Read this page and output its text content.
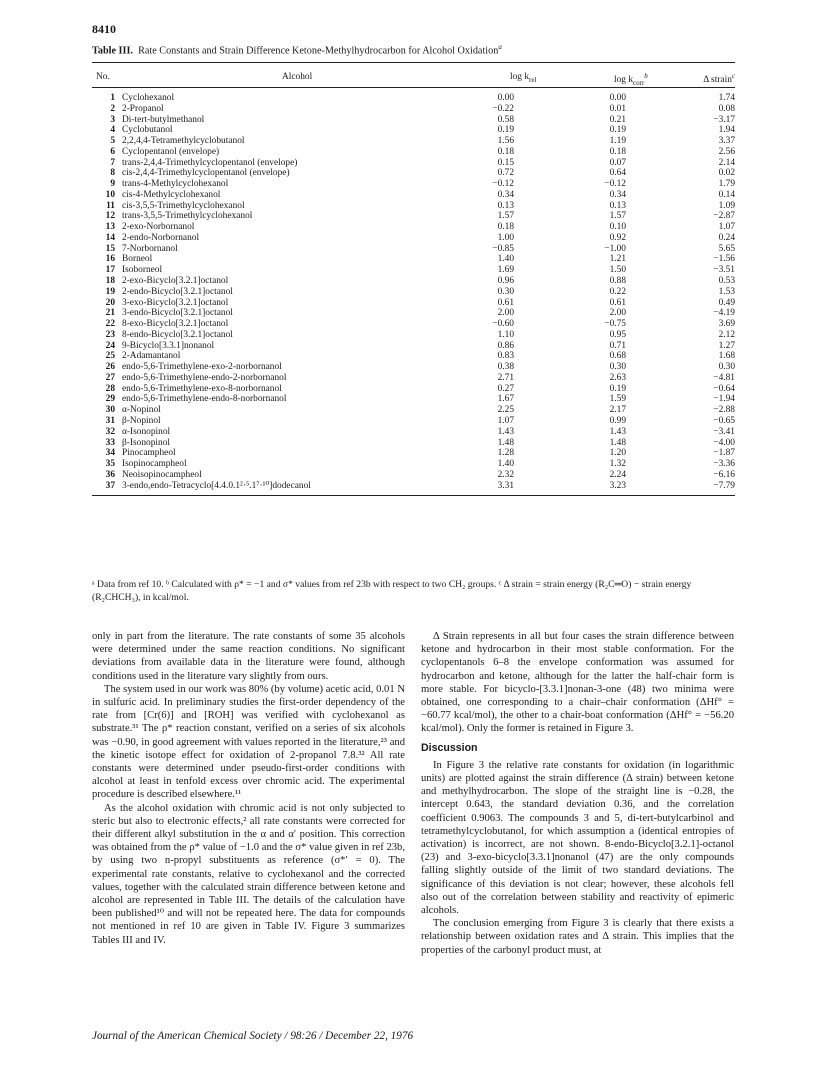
8410
Table III. Rate Constants and Strain Difference Ketone-Methylhydrocarbon for Alcohol Oxidation$^a$
No.	Alcohol	$\log k_{rel}$	$\log k_{corr}^b$	Δ strain$^c$
1 Cyclohexanol	0.00	0.00	1.74
2 2-Propanol	−0.22	0.01	0.08
3 Di-tert-butylmethanol	0.58	0.21	−3.17
4 Cyclobutanol	0.19	0.19	1.94
5 2,2,4,4-Tetramethylcyclobutanol	1.56	1.19	3.37
6 Cyclopentanol (envelope)	0.18	0.18	2.56
7 trans-2,4,4-Trimethylcyclopentanol (envelope)	0.15	0.07	2.14
8 cis-2,4,4-Trimethylcyclopentanol (envelope)	0.72	0.64	0.02
9 trans-4-Methylcyclohexanol	−0.12	−0.12	1.79
10 cis-4-Methylcyclohexanol	0.34	0.34	0.14
11 cis-3,5,5-Trimethylcyclohexanol	0.13	0.13	1.09
12 trans-3,5,5-Trimethylcyclohexanol	1.57	1.57	−2.87
13 2-exo-Norbornanol	0.18	0.10	1.07
14 2-endo-Norbornanol	1.00	0.92	0.24
15 7-Norbornanol	−0.85	−1.00	5.65
16 Borneol	1.40	1.21	−1.56
17 Isoborneol	1.69	1.50	−3.51
18 2-exo-Bicyclo[3.2.1]octanol	0.96	0.88	0.53
19 2-endo-Bicyclo[3.2.1]octanol	0.30	0.22	1.53
20 3-exo-Bicyclo[3.2.1]octanol	0.61	0.61	0.49
21 3-endo-Bicyclo[3.2.1]octanol	2.00	2.00	−4.19
22 8-exo-Bicyclo[3.2.1]octanol	−0.60	−0.75	3.69
23 8-endo-Bicyclo[3.2.1]octanol	1.10	0.95	2.12
24 9-Bicyclo[3.3.1]nonanol	0.86	0.71	1.27
25 2-Adamantanol	0.83	0.68	1.68
26 endo-5,6-Trimethylene-exo-2-norbornanol	0.38	0.30	0.30
27 endo-5,6-Trimethylene-endo-2-norbornanol	2.71	2.63	−4.81
28 endo-5,6-Trimethylene-exo-8-norbornanol	0.27	0.19	−0.64
29 endo-5,6-Trimethylene-endo-8-norbornanol	1.67	1.59	−1.94
30 α-Nopinol	2.25	2.17	−2.88
31 β-Nopinol	1.07	0.99	−0.65
32 α-Isonopinol	1.43	1.43	−3.41
33 β-Isonopinol	1.48	1.48	−4.00
34 Pinocampheol	1.28	1.20	−1.87
35 Isopinocampheol	1.40	1.32	−3.36
36 Neoisopinocampheol	2.32	2.24	−6.16
37 3-endo,endo-Tetracyclo[4.4.0.1²·⁵.1⁷·¹⁰]dodecanol	3.31	3.23	−7.79
ᵃ Data from ref 10. ᵇ Calculated with ρ* = −1 and σ* values from ref 23b with respect to two CH₂ groups. ᶜ Δ strain = strain energy (R₂C═O) − strain energy (R₂CHCH₃), in kcal/mol.

only in part from the literature. The rate constants of some 35 alcohols were determined under the same reaction conditions. No significant deviations from available data in the literature were found, although conditions used in the literature vary slightly from ours.

The system used in our work was 80% (by volume) acetic acid, 0.01 N in sulfuric acid. In preliminary studies the first-order dependency of the rate from [Cr(6)] and [ROH] was verified with cyclohexanol as substrate.³¹ The ρ* reaction constant, verified on a series of six alcohols was −0.90, in good agreement with values reported in the literature,²³ and the kinetic isotope effect for oxidation of 2-propanol 7.8.³² All rate constants were determined under pseudo-first-order conditions with alcohol at least in tenfold excess over chromic acid. The experimental procedure is described elsewhere.¹¹

As the alcohol oxidation with chromic acid is not only subjected to steric but also to electronic effects,² all rate constants were corrected for their different alkyl substitution in the α and α′ position. This correction was obtained from the ρ* value of −1.0 and the σ* value given in ref 23b, by using two n-propyl substituents as reference (σ*′ = 0). The experimental rate constants, relative to cyclohexanol and the corrected values, together with the calculated strain difference between ketone and alcohol are represented in Table III. The details of the calculation have been published¹⁰ and will not be repeated here. The data for compounds not mentioned in ref 10 are given in Table IV. Figure 3 summarizes Tables III and IV.

Δ Strain represents in all but four cases the strain difference between ketone and hydrocarbon in their most stable conformation. For the cyclopentanols 6–8 the envelope conformation was assumed for hydrocarbon and ketone, although for the latter the half-chair form is more stable. For bicyclo-[3.3.1]nonan-3-one (48) two minima were obtained, one corresponding to a chair–chair conformation (ΔHf° = −60.77 kcal/mol), the other to a chair-boat conformation (ΔHf° = −56.20 kcal/mol). Only the former is retained in Figure 3.

Discussion

In Figure 3 the relative rate constants for oxidation (in logarithmic units) are plotted against the strain difference (Δ strain) between ketone and methylhydrocarbon. The slope of the straight line is −0.28, the intercept 0.643, the standard deviation 0.36, and the correlation coefficient 0.9063. The compounds 3 and 5, di-tert-butylcarbinol and tetramethylcyclobutanol, for which assumption a (identical entropies of activation) is incorrect, are not shown. 8-endo-Bicyclo[3.2.1]-octanol (23) and 3-exo-bicyclo[3.3.1]nonanol (47) are the only compounds falling slightly outside of the limit of two standard deviations. The significance of this deviation is not clear; however, these alcohols fell also out of the correlation between stability and reactivity of epimeric alcohols.

The conclusion emerging from Figure 3 is clearly that there exists a relationship between oxidation rates and Δ strain. This implies that the properties of the carbonyl product must, at

Journal of the American Chemical Society / 98:26 / December 22, 1976
